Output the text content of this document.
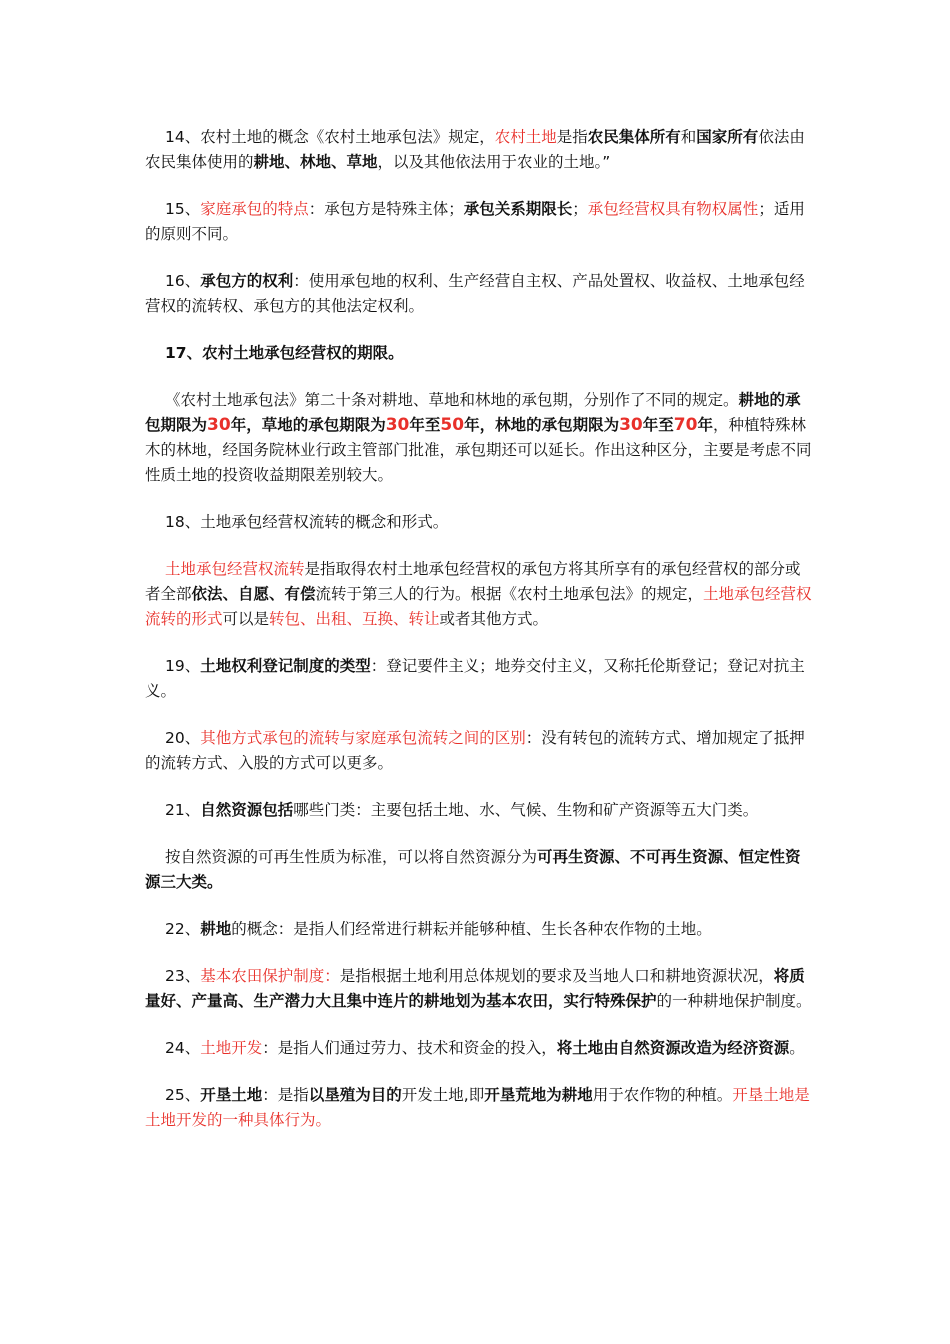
14、农村土地的概念《农村土地承包法》规定，农村土地是指农民集体所有和国家所有依法由农民集体使用的耕地、林地、草地，以及其他依法用于农业的土地。”

15、家庭承包的特点：承包方是特殊主体；承包关系期限长；承包经营权具有物权属性；适用的原则不同。

16、承包方的权利：使用承包地的权利、生产经营自主权、产品处置权、收益权、土地承包经营权的流转权、承包方的其他法定权利。

17、农村土地承包经营权的期限。

《农村土地承包法》第二十条对耕地、草地和林地的承包期，分别作了不同的规定。耕地的承包期限为30年，草地的承包期限为30年至50年，林地的承包期限为30年至70年，种植特殊林木的林地，经国务院林业行政主管部门批准，承包期还可以延长。作出这种区分，主要是考虑不同性质土地的投资收益期限差别较大。

18、土地承包经营权流转的概念和形式。

土地承包经营权流转是指取得农村土地承包经营权的承包方将其所享有的承包经营权的部分或者全部依法、自愿、有偿流转于第三人的行为。根据《农村土地承包法》的规定，土地承包经营权流转的形式可以是转包、出租、互换、转让或者其他方式。

19、土地权利登记制度的类型：登记要件主义；地券交付主义，又称托伦斯登记；登记对抗主义。

20、其他方式承包的流转与家庭承包流转之间的区别：没有转包的流转方式、增加规定了抵押的流转方式、入股的方式可以更多。

21、自然资源包括哪些门类：主要包括土地、水、气候、生物和矿产资源等五大门类。

按自然资源的可再生性质为标准，可以将自然资源分为可再生资源、不可再生资源、恒定性资源三大类。

22、耕地的概念：是指人们经常进行耕耘并能够种植、生长各种农作物的土地。

23、基本农田保护制度：是指根据土地利用总体规划的要求及当地人口和耕地资源状况，将质量好、产量高、生产潜力大且集中连片的耕地划为基本农田，实行特殊保护的一种耕地保护制度。

24、土地开发：是指人们通过劳力、技术和资金的投入，将土地由自然资源改造为经济资源。

25、开垦土地：是指以垦殖为目的开发土地,即开垦荒地为耕地用于农作物的种植。开垦土地是土地开发的一种具体行为。
